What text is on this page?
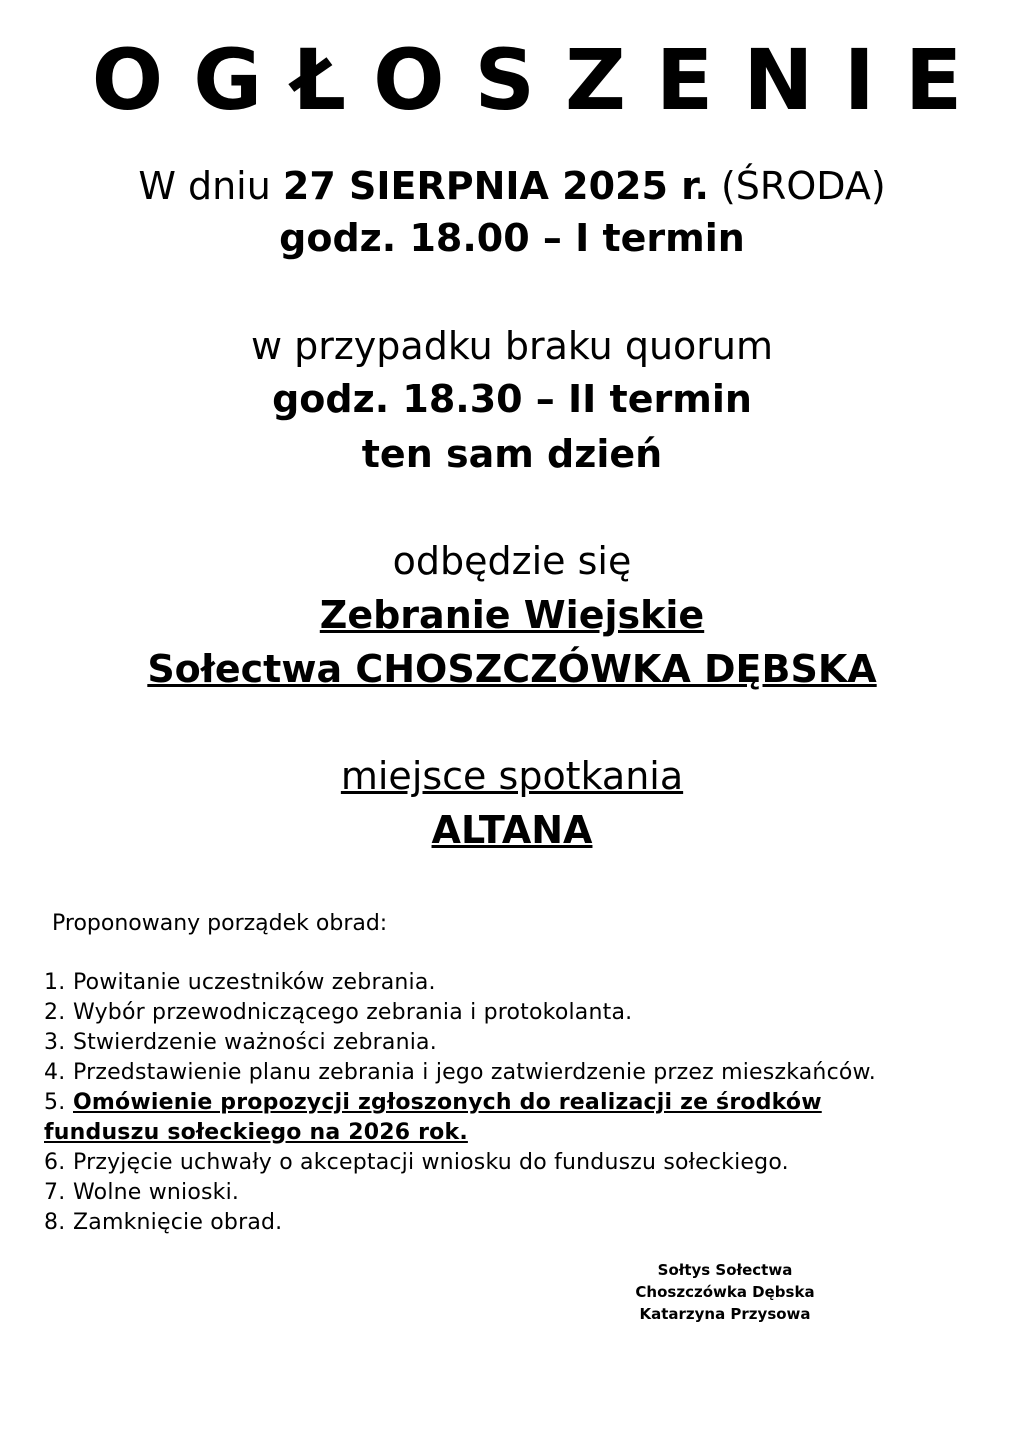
OGŁOSZENIE
W dniu 27 SIERPNIA 2025 r. (ŚRODA)
godz. 18.00 – I termin
w przypadku braku quorum
godz. 18.30 – II termin
ten sam dzień
odbędzie się
Zebranie Wiejskie
Sołectwa CHOSZCZÓWKA DĘBSKA
miejsce spotkania
ALTANA
Proponowany porządek obrad:

1. Powitanie uczestników zebrania.

2. Wybór przewodniczącego zebrania i protokolanta.

3. Stwierdzenie ważności zebrania.

4. Przedstawienie planu zebrania i jego zatwierdzenie przez mieszkańców.

5. Omówienie propozycji zgłoszonych do realizacji ze środków

funduszu sołeckiego na 2026 rok.

6. Przyjęcie uchwały o akceptacji wniosku do funduszu sołeckiego.

7. Wolne wnioski.

8. Zamknięcie obrad.

Sołtys Sołectwa
Choszczówka Dębska
Katarzyna Przysowa
